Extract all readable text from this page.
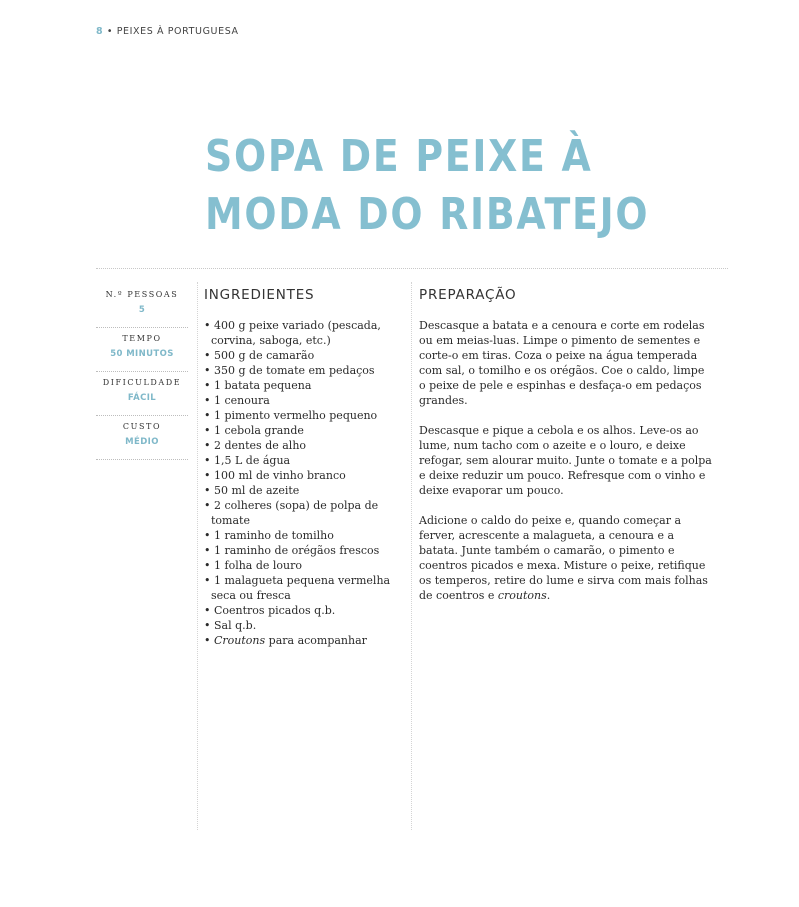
8 • PEIXES À PORTUGUESA
SOPA DE PEIXE À
MODA DO RIBATEJO
N.º PESSOAS
5
TEMPO
50 MINUTOS
DIFICULDADE
FÁCIL
CUSTO
MÉDIO
INGREDIENTES
• 400 g peixe variado (pescada, corvina, saboga, etc.)
• 500 g de camarão
• 350 g de tomate em pedaços
• 1 batata pequena
• 1 cenoura
• 1 pimento vermelho pequeno
• 1 cebola grande
• 2 dentes de alho
• 1,5 L de água
• 100 ml de vinho branco
• 50 ml de azeite
• 2 colheres (sopa) de polpa de tomate
• 1 raminho de tomilho
• 1 raminho de orégãos frescos
• 1 folha de louro
• 1 malagueta pequena vermelha seca ou fresca
• Coentros picados q.b.
• Sal q.b.
• Croutons para acompanhar
PREPARAÇÃO

Descasque a batata e a cenoura e corte em rodelas ou em meias-luas. Limpe o pimento de sementes e corte-o em tiras. Coza o peixe na água temperada com sal, o tomilho e os orégãos. Coe o caldo, limpe o peixe de pele e espinhas e desfaça-o em pedaços grandes.

Descasque e pique a cebola e os alhos. Leve-os ao lume, num tacho com o azeite e o louro, e deixe refogar, sem alourar muito. Junte o tomate e a polpa e deixe reduzir um pouco. Refresque com o vinho e deixe evaporar um pouco.

Adicione o caldo do peixe e, quando começar a ferver, acrescente a malagueta, a cenoura e a batata. Junte também o camarão, o pimento e coentros picados e mexa. Misture o peixe, retifique os temperos, retire do lume e sirva com mais folhas de coentros e croutons.
